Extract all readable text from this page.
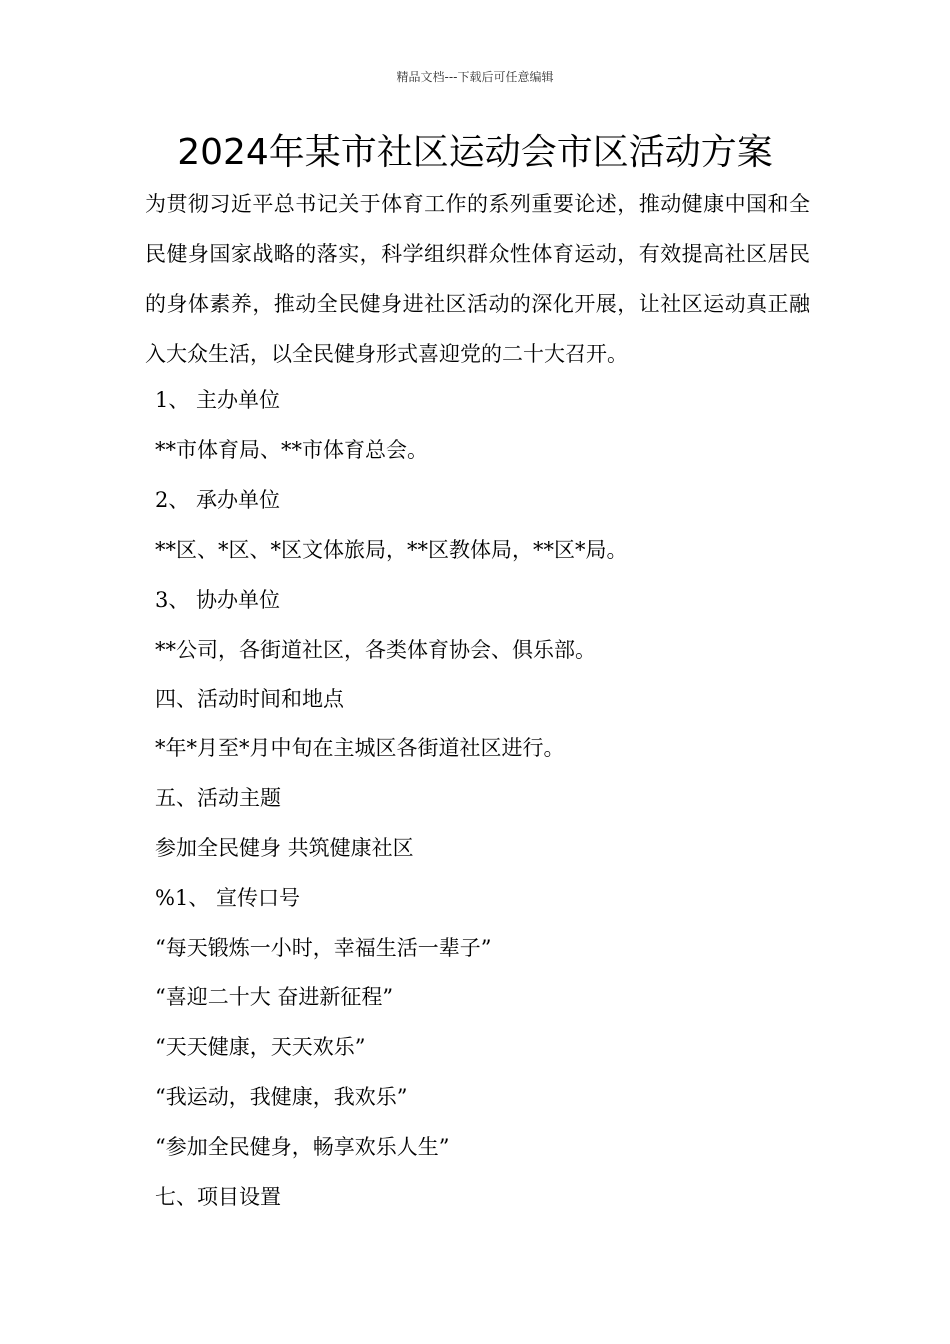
精品文档---下载后可任意编辑
2024年某市社区运动会市区活动方案

为贯彻习近平总书记关于体育工作的系列重要论述，推动健康中国和全民健身国家战略的落实，科学组织群众性体育运动，有效提高社区居民的身体素养，推动全民健身进社区活动的深化开展，让社区运动真正融入大众生活，以全民健身形式喜迎党的二十大召开。

1、 主办单位
**市体育局、**市体育总会。
2、 承办单位
**区、*区、*区文体旅局，**区教体局，**区*局。
3、 协办单位
**公司，各街道社区，各类体育协会、俱乐部。
四、活动时间和地点
*年*月至*月中旬在主城区各街道社区进行。
五、活动主题
参加全民健身 共筑健康社区
%1、 宣传口号
“每天锻炼一小时，幸福生活一辈子”
“喜迎二十大 奋进新征程”
“天天健康，天天欢乐”
“我运动，我健康，我欢乐”
“参加全民健身，畅享欢乐人生”
七、项目设置
